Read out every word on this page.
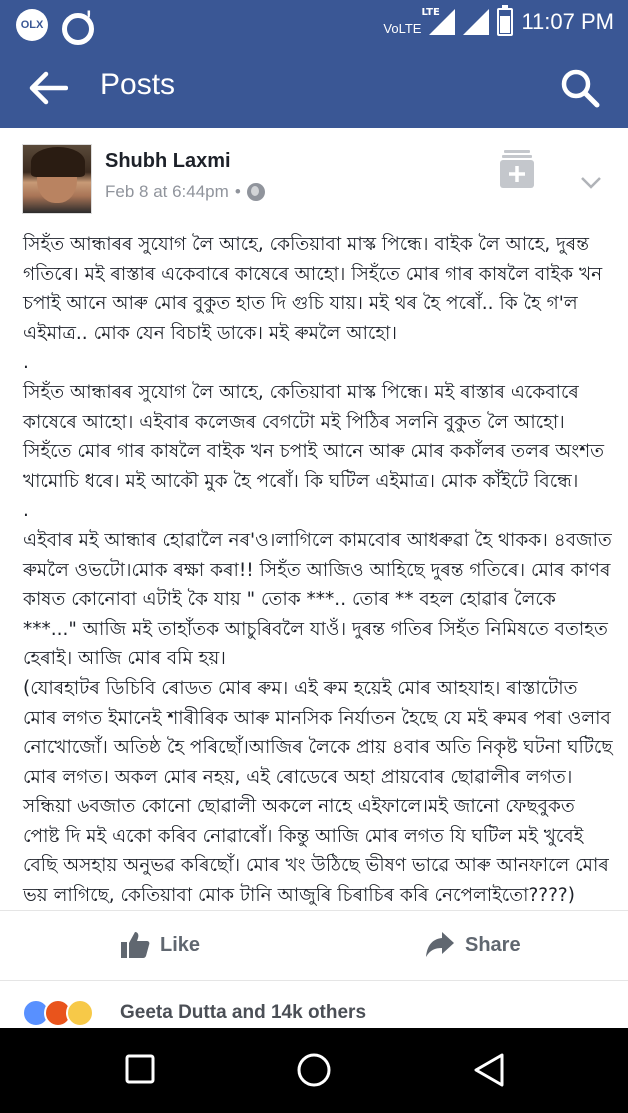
OLX
!	VoLTE
LTE	11:07 PM
Posts
Shubh Laxmi
Feb 8 at 6:44pm •
সিহঁত আন্ধাৰৰ সুযোগ লৈ আহে, কেতিয়াবা মাস্ক পিন্ধে। বাইক লৈ আহে, দুৰন্ত গতিৰে। মই ৰাস্তাৰ একেবাৰে কাষেৰে আহো। সিহঁতে মোৰ গাৰ কাষলৈ বাইক খন চপাই আনে আৰু মোৰ বুকুত হাত দি গুচি যায়। মই থৰ হৈ পৰোঁ.. কি হৈ গ'ল এইমাত্ৰ.. মোক যেন বিচাই ডাকে। মই ৰুমলৈ আহো।
.
সিহঁত আন্ধাৰৰ সুযোগ লৈ আহে, কেতিয়াবা মাস্ক পিন্ধে। মই ৰাস্তাৰ একেবাৰে কাষেৰে আহো। এইবাৰ কলেজৰ বেগটো মই পিঠিৰ সলনি বুকুত লৈ আহো। সিহঁতে মোৰ গাৰ কাষলৈ বাইক খন চপাই আনে আৰু মোৰ ককাঁলৰ তলৰ অংশত খামোচি ধৰে। মই আকৌ মুক হৈ পৰোঁ। কি ঘটিল এইমাত্ৰ। মোক কাঁইটে বিন্ধে।
.
এইবাৰ মই আন্ধাৰ হোৱালৈ নৰ'ও।লাগিলে কামবোৰ আধৰুৱা হৈ থাকক। ৪বজাত ৰুমলৈ ওভটো।মোক ৰক্ষা কৰা!! সিহঁত আজিও আহিছে দুৰন্ত গতিৰে। মোৰ কাণৰ কাষত কোনোবা এটাই কৈ যায় " তোক ***.. তোৰ ** বহল হোৱাৰ লৈকে ***..." আজি মই তাহাঁতক আচুৰিবলৈ যাওঁ। দুৰন্ত গতিৰ সিহঁত নিমিষতে বতাহত হেৰাই। আজি মোৰ বমি হয়।
(যোৰহাটৰ ডিচিবি ৰোডত মোৰ ৰুম। এই ৰুম হয়েই মোৰ আহযাহ। ৰাস্তাটোত মোৰ লগত ইমানেই শাৰীৰিক আৰু মানসিক নিৰ্যাতন হৈছে যে মই ৰুমৰ পৰা ওলাব নোখোজোঁ। অতিষ্ঠ হৈ পৰিছোঁ।আজিৰ লৈকে প্ৰায় ৪বাৰ অতি নিকৃষ্ট ঘটনা ঘটিছে মোৰ লগত। অকল মোৰ নহয়, এই ৰোডেৰে অহা প্ৰায়বোৰ ছোৱালীৰ লগত। সন্ধিয়া ৬বজাত কোনো ছোৱালী অকলে নাহে এইফালে।মই জানো ফেছবুকত পোষ্ট দি মই একো কৰিব নোৱাৰোঁ। কিন্তু আজি মোৰ লগত যি ঘটিল মই খুবেই বেছি অসহায় অনুভৱ কৰিছোঁ। মোৰ খং উঠিছে ভীষণ ভাৱে আৰু আনফালে মোৰ ভয় লাগিছে, কেতিয়াবা মোক টানি আজুৰি চিৰাচিৰ কৰি নেপেলাইতো????)
Like	Share
Geeta Dutta and 14k others
